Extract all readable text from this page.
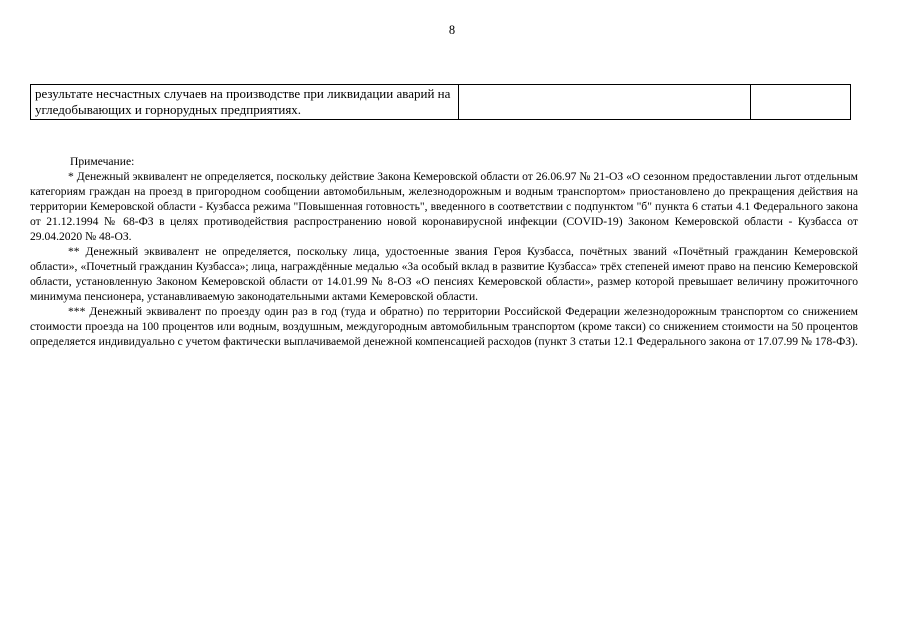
8
результате несчастных случаев на производстве при ликвидации аварий на угледобывающих и горнорудных предприятиях.		

Примечание:

* Денежный эквивалент не определяется, поскольку действие Закона Кемеровской области от 26.06.97 № 21-ОЗ «О сезонном предоставлении льгот отдельным категориям граждан на проезд в пригородном сообщении автомобильным, железнодорожным и водным транспортом» приостановлено до прекращения действия на территории Кемеровской области - Кузбасса режима "Повышенная готовность", введенного в соответствии с подпунктом "б" пункта 6 статьи 4.1 Федерального закона от 21.12.1994 № 68-ФЗ в целях противодействия распространению новой коронавирусной инфекции (COVID-19) Законом Кемеровской области - Кузбасса от 29.04.2020 № 48-ОЗ.

** Денежный эквивалент не определяется, поскольку лица, удостоенные звания Героя Кузбасса, почётных званий «Почётный гражданин Кемеровской области», «Почетный гражданин Кузбасса»; лица, награждённые медалью «За особый вклад в развитие Кузбасса» трёх степеней имеют право на пенсию Кемеровской области, установленную Законом Кемеровской области от 14.01.99 № 8-ОЗ «О пенсиях Кемеровской области», размер которой превышает величину прожиточного минимума пенсионера, устанавливаемую законодательными актами Кемеровской области.

*** Денежный эквивалент по проезду один раз в год (туда и обратно) по территории Российской Федерации железнодорожным транспортом со снижением стоимости проезда на 100 процентов или водным, воздушным, междугородным автомобильным транспортом (кроме такси) со снижением стоимости на 50 процентов определяется индивидуально с учетом фактически выплачиваемой денежной компенсацией расходов (пункт 3 статьи 12.1 Федерального закона от 17.07.99 № 178-ФЗ).
